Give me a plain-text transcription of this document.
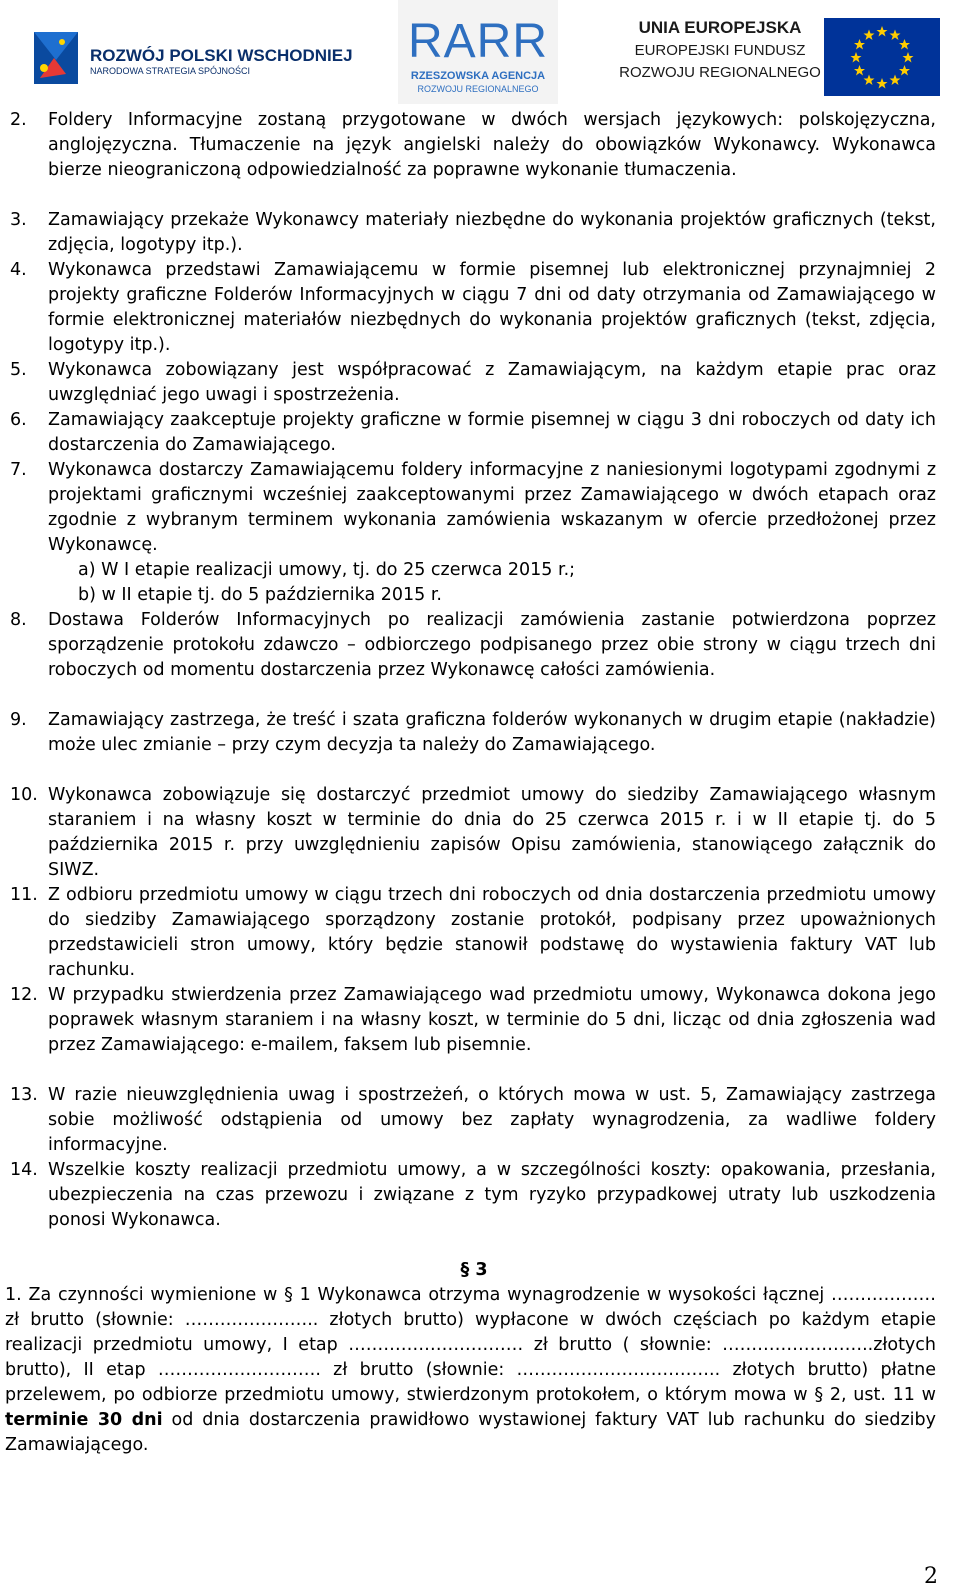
ROZWÓJ POLSKI WSCHODNIEJ
NARODOWA STRATEGIA SPÓJNOŚCI
RARR
RZESZOWSKA AGENCJA
ROZWOJU REGIONALNEGO
UNIA EUROPEJSKA
EUROPEJSKI FUNDUSZ
ROZWOJU REGIONALNEGO
2.	Foldery Informacyjne zostaną przygotowane w dwóch wersjach językowych: polskojęzyczna, anglojęzyczna. Tłumaczenie na język angielski należy do obowiązków Wykonawcy. Wykonawca bierze nieograniczoną odpowiedzialność za poprawne wykonanie tłumaczenia.
3.	Zamawiający przekaże Wykonawcy materiały niezbędne do wykonania projektów graficznych (tekst, zdjęcia, logotypy itp.).
4.	Wykonawca przedstawi Zamawiającemu w formie pisemnej lub elektronicznej przynajmniej 2 projekty graficzne Folderów Informacyjnych w ciągu 7 dni od daty otrzymania od Zamawiającego w formie elektronicznej materiałów niezbędnych do wykonania projektów graficznych (tekst, zdjęcia, logotypy itp.).
5.	Wykonawca zobowiązany jest współpracować z Zamawiającym, na każdym etapie prac oraz uwzględniać jego uwagi i spostrzeżenia.
6.	Zamawiający zaakceptuje projekty graficzne w formie pisemnej w ciągu 3 dni roboczych od daty ich dostarczenia do Zamawiającego.
7.	Wykonawca dostarczy Zamawiającemu foldery informacyjne z naniesionymi logotypami zgodnymi z projektami graficznymi wcześniej zaakceptowanymi przez Zamawiającego w dwóch etapach oraz zgodnie z wybranym terminem wykonania zamówienia wskazanym w ofercie przedłożonej przez Wykonawcę.
a) W I etapie realizacji umowy, tj. do 25 czerwca 2015 r.;
b) w II etapie tj. do 5 października 2015 r.
8.	Dostawa Folderów Informacyjnych po realizacji zamówienia zastanie potwierdzona poprzez sporządzenie protokołu zdawczo – odbiorczego podpisanego przez obie strony w ciągu trzech dni roboczych od momentu dostarczenia przez Wykonawcę całości zamówienia.
9.	Zamawiający zastrzega, że treść i szata graficzna folderów wykonanych w drugim etapie (nakładzie) może ulec zmianie – przy czym decyzja ta należy do Zamawiającego.
10. Wykonawca zobowiązuje się dostarczyć przedmiot umowy do siedziby Zamawiającego własnym staraniem i na własny koszt w terminie do dnia do 25 czerwca 2015 r. i w II etapie tj. do 5 października 2015 r. przy uwzględnieniu zapisów Opisu zamówienia, stanowiącego załącznik do SIWZ.
11. Z odbioru przedmiotu umowy w ciągu trzech dni roboczych od dnia dostarczenia przedmiotu umowy do siedziby Zamawiającego sporządzony zostanie protokół, podpisany przez upoważnionych przedstawicieli stron umowy, który będzie stanowił podstawę do wystawienia faktury VAT lub rachunku.
12. W przypadku stwierdzenia przez Zamawiającego wad przedmiotu umowy, Wykonawca dokona jego poprawek własnym staraniem i na własny koszt, w terminie do 5 dni, licząc od dnia zgłoszenia wad przez Zamawiającego: e-mailem, faksem lub pisemnie.
13. W razie nieuwzględnienia uwag i spostrzeżeń, o których mowa w ust. 5, Zamawiający zastrzega sobie możliwość odstąpienia od umowy bez zapłaty wynagrodzenia, za wadliwe foldery informacyjne.
14. Wszelkie koszty realizacji przedmiotu umowy, a w szczególności koszty: opakowania, przesłania, ubezpieczenia na czas przewozu i związane z tym ryzyko przypadkowej utraty lub uszkodzenia ponosi Wykonawca.
§ 3
1. Za czynności wymienione w § 1 Wykonawca otrzyma wynagrodzenie w wysokości łącznej ……………… zł brutto (słownie: ………………….. złotych brutto) wypłacone w dwóch częściach po każdym etapie realizacji przedmiotu umowy, I etap ………………………… zł brutto ( słownie: ……………………..złotych brutto), II etap ………………………. zł brutto (słownie: …………………………….. złotych brutto) płatne przelewem, po odbiorze przedmiotu umowy, stwierdzonym protokołem, o którym mowa w § 2, ust. 11 w terminie 30 dni od dnia dostarczenia prawidłowo wystawionej faktury VAT lub rachunku do siedziby Zamawiającego.
2
